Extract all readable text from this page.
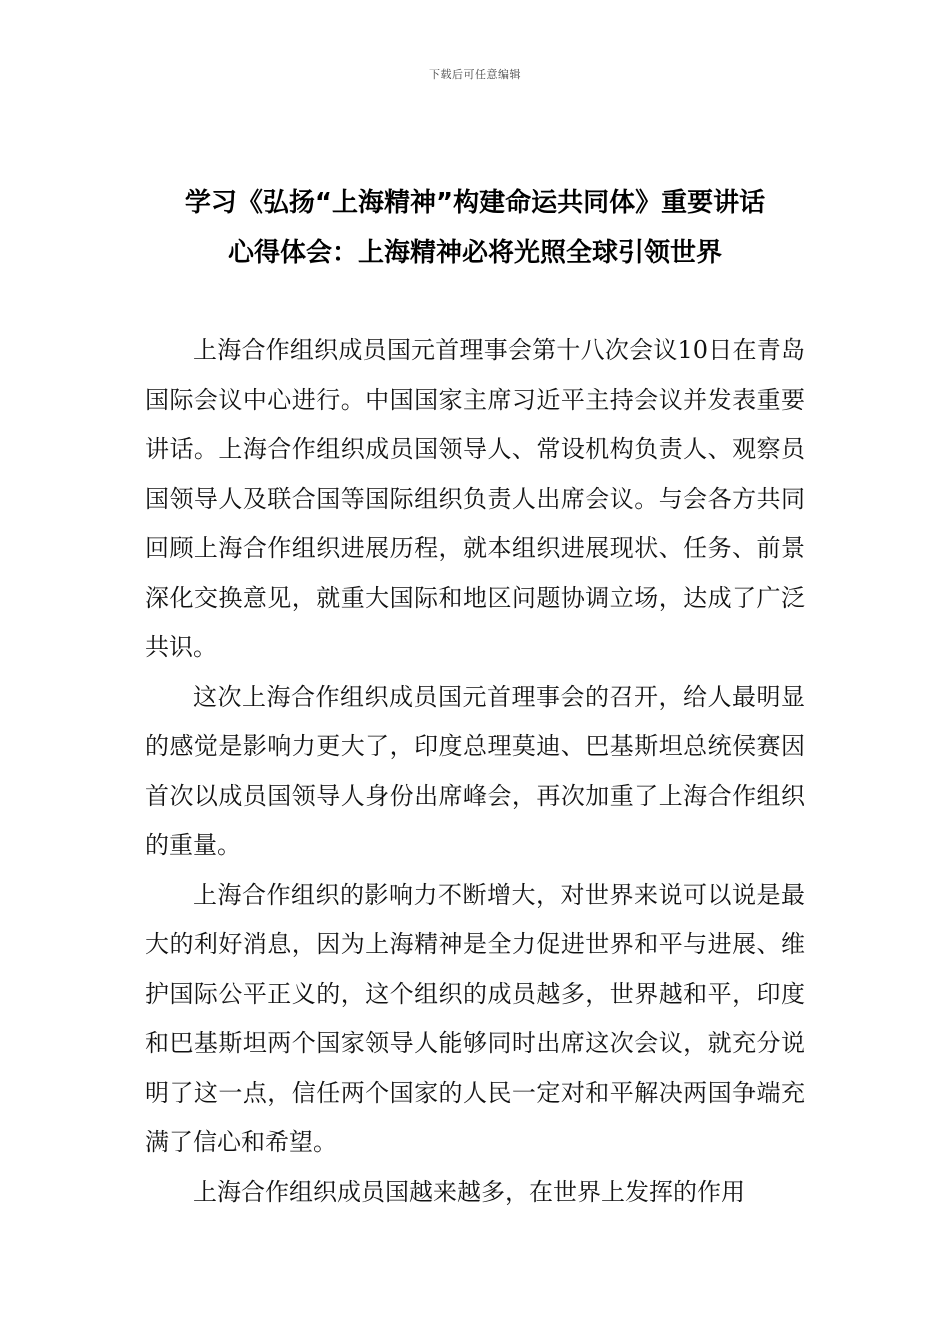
下载后可任意编辑
学习《弘扬“上海精神”构建命运共同体》重要讲话
心得体会：上海精神必将光照全球引领世界

上海合作组织成员国元首理事会第十八次会议10日在青岛国际会议中心进行。中国国家主席习近平主持会议并发表重要讲话。上海合作组织成员国领导人、常设机构负责人、观察员国领导人及联合国等国际组织负责人出席会议。与会各方共同回顾上海合作组织进展历程，就本组织进展现状、任务、前景深化交换意见，就重大国际和地区问题协调立场，达成了广泛共识。

这次上海合作组织成员国元首理事会的召开，给人最明显的感觉是影响力更大了，印度总理莫迪、巴基斯坦总统侯赛因首次以成员国领导人身份出席峰会，再次加重了上海合作组织的重量。

上海合作组织的影响力不断增大，对世界来说可以说是最大的利好消息，因为上海精神是全力促进世界和平与进展、维护国际公平正义的，这个组织的成员越多，世界越和平，印度和巴基斯坦两个国家领导人能够同时出席这次会议，就充分说明了这一点，信任两个国家的人民一定对和平解决两国争端充满了信心和希望。

上海合作组织成员国越来越多，在世界上发挥的作用
